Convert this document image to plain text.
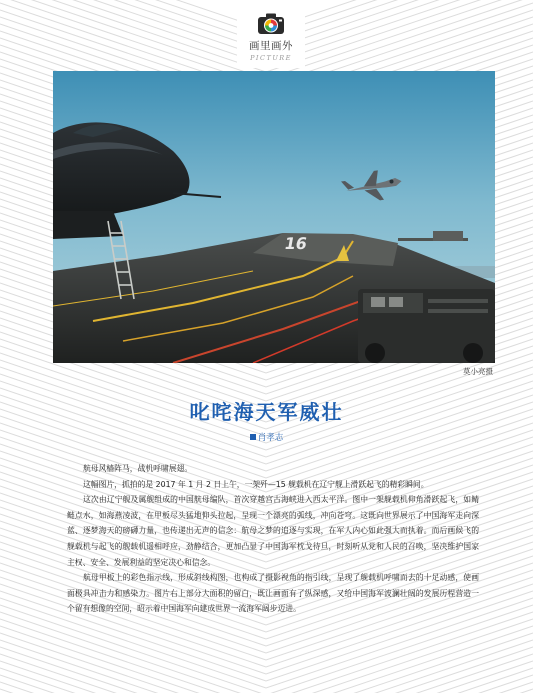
画里画外
PICTURE
16
莫小亮摄
叱咤海天军威壮
肖孝志

航母风樯阵马，战机呼啸展翅。

这幅图片，抓拍的是 2017 年 1 月 2 日上午，一架歼—15 舰载机在辽宁舰上滑跃起飞的精彩瞬间。

这次由辽宁舰及属舰组成的中国航母编队，首次穿越宫古海峡进入西太平洋。图中一架舰载机仰角滑跃起飞，如鲭鲢点水，如海燕凌波，在甲板尽头猛地仰头拉起，呈现一个漂亮的弧线，冲向苍穹。这既向世界展示了中国海军走向深蓝、逐梦海天的磅礴力量，也传递出无声的信念：航母之梦的追逐与实现，在军人内心如此强大而执着。而后画候飞的舰载机与起飞的舰载机遥相呼应，劲静结合，更加凸显了中国海军枕戈待旦，时刻听从党和人民的召唤，坚决维护国家主权、安全、发展利益的坚定决心和信念。

航母甲板上的彩色指示线，形成斜线构图，也构成了摄影视角的指引线，呈现了舰载机呼啸而去的十足动感，使画面极具冲击力和感染力。图片右上部分大面积的留白，既让画面有了纵深感，又给中国海军波澜壮阔的发展历程营造一个留有想像的空间，昭示着中国海军向建成世界一流海军阔步迈进。
